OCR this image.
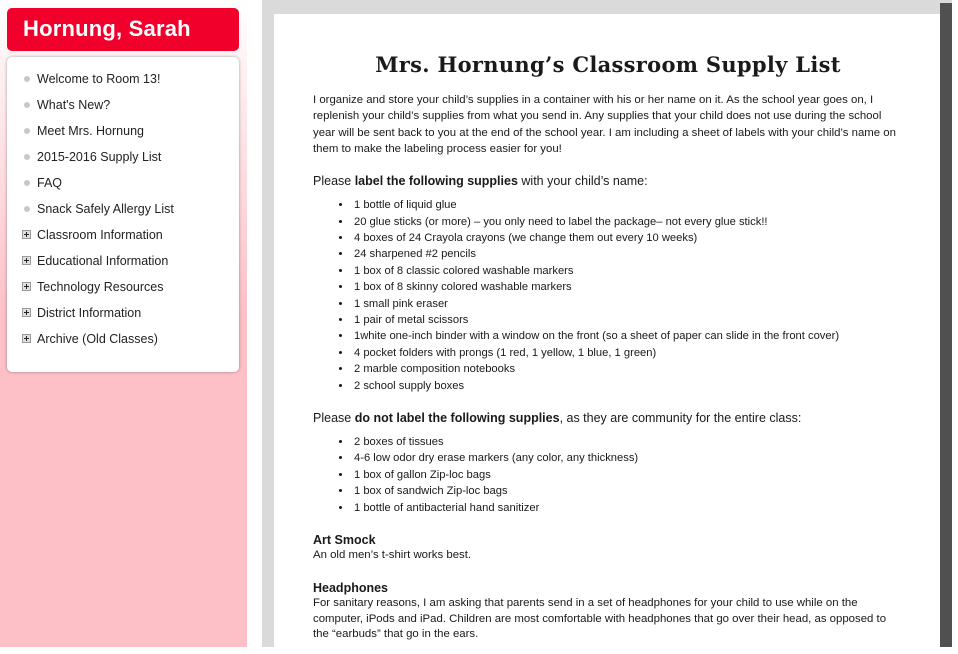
Hornung, Sarah
Welcome to Room 13!
What's New?
Meet Mrs. Hornung
2015-2016 Supply List
FAQ
Snack Safely Allergy List
Classroom Information
Educational Information
Technology Resources
District Information
Archive (Old Classes)
Mrs. Hornung’s Classroom Supply List

I organize and store your child’s supplies in a container with his or her name on it. As the school year goes on, I replenish your child’s supplies from what you send in. Any supplies that your child does not use during the school year will be sent back to you at the end of the school year. I am including a sheet of labels with your child’s name on them to make the labeling process easier for you!

Please label the following supplies with your child’s name:

• 1 bottle of liquid glue
• 20 glue sticks (or more) – you only need to label the package– not every glue stick!!
• 4 boxes of 24 Crayola crayons (we change them out every 10 weeks)
• 24 sharpened #2 pencils
• 1 box of 8 classic colored washable markers
• 1 box of 8 skinny colored washable markers
• 1 small pink eraser
• 1 pair of metal scissors
• 1white one-inch binder with a window on the front (so a sheet of paper can slide in the front cover)
• 4 pocket folders with prongs (1 red, 1 yellow, 1 blue, 1 green)
• 2 marble composition notebooks
• 2 school supply boxes

Please do not label the following supplies, as they are community for the entire class:

• 2 boxes of tissues
• 4-6 low odor dry erase markers (any color, any thickness)
• 1 box of gallon Zip-loc bags
• 1 box of sandwich Zip-loc bags
• 1 bottle of antibacterial hand sanitizer
Art Smock

An old men’s t-shirt works best.

Headphones

For sanitary reasons, I am asking that parents send in a set of headphones for your child to use while on the computer, iPods and iPad. Children are most comfortable with headphones that go over their head, as opposed to the “earbuds” that go in the ears.
